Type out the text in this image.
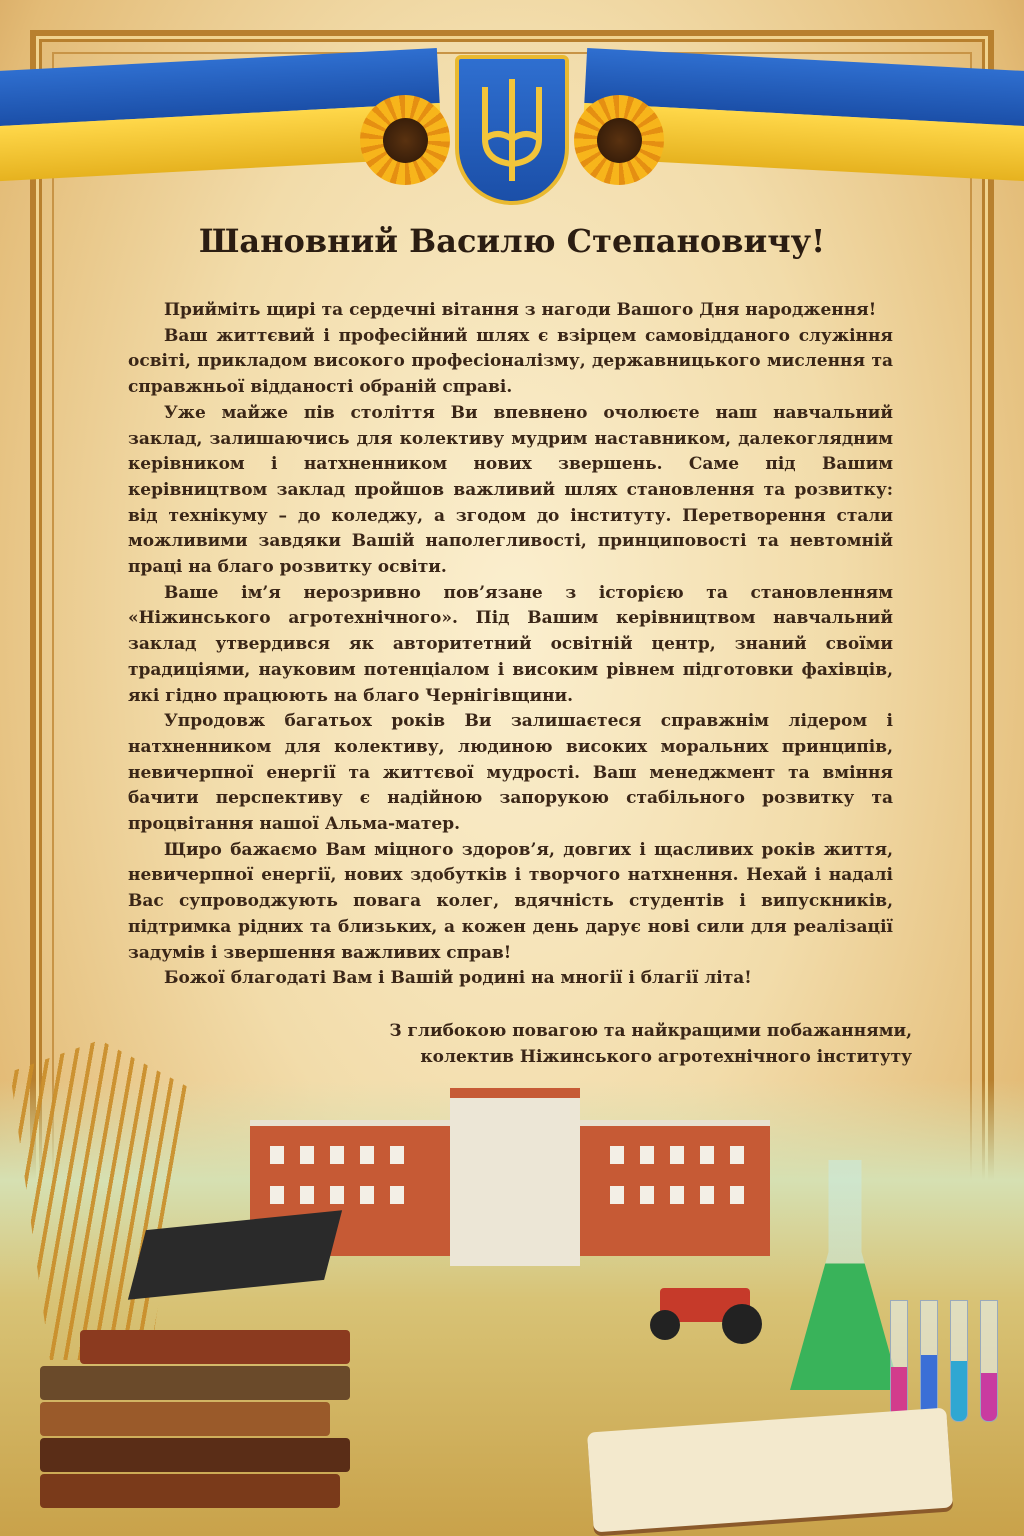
Шановний Василю Степановичу!

Прийміть щирі та сердечні вітання з нагоди Вашого Дня народження!

Ваш життєвий і професійний шлях є взірцем самовідданого служіння освіті, прикладом високого професіоналізму, державницького мислення та справжньої відданості обраній справі.

Уже майже пів століття Ви впевнено очолюєте наш навчальний заклад, залишаючись для колективу мудрим наставником, далекоглядним керівником і натхненником нових звершень. Саме під Вашим керівництвом заклад пройшов важливий шлях становлення та розвитку: від технікуму – до коледжу, а згодом до інституту. Перетворення стали можливими завдяки Вашій наполегливості, принциповості та невтомній праці на благо розвитку освіти.

Ваше ім’я нерозривно пов’язане з історією та становленням «Ніжинського агротехнічного». Під Вашим керівництвом навчальний заклад утвердився як авторитетний освітній центр, знаний своїми традиціями, науковим потенціалом і високим рівнем підготовки фахівців, які гідно працюють на благо Чернігівщини.

Упродовж багатьох років Ви залишаєтеся справжнім лідером і натхненником для колективу, людиною високих моральних принципів, невичерпної енергії та життєвої мудрості. Ваш менеджмент та вміння бачити перспективу є надійною запорукою стабільного розвитку та процвітання нашої Альма-матер.

Щиро бажаємо Вам міцного здоров’я, довгих і щасливих років життя, невичерпної енергії, нових здобутків і творчого натхнення. Нехай і надалі Вас супроводжують повага колег, вдячність студентів і випускників, підтримка рідних та близьких, а кожен день дарує нові сили для реалізації задумів і звершення важливих справ!

Божої благодаті Вам і Вашій родині на многії і благії літа!

З глибокою повагою та найкращими побажаннями,
колектив Ніжинського агротехнічного інституту
